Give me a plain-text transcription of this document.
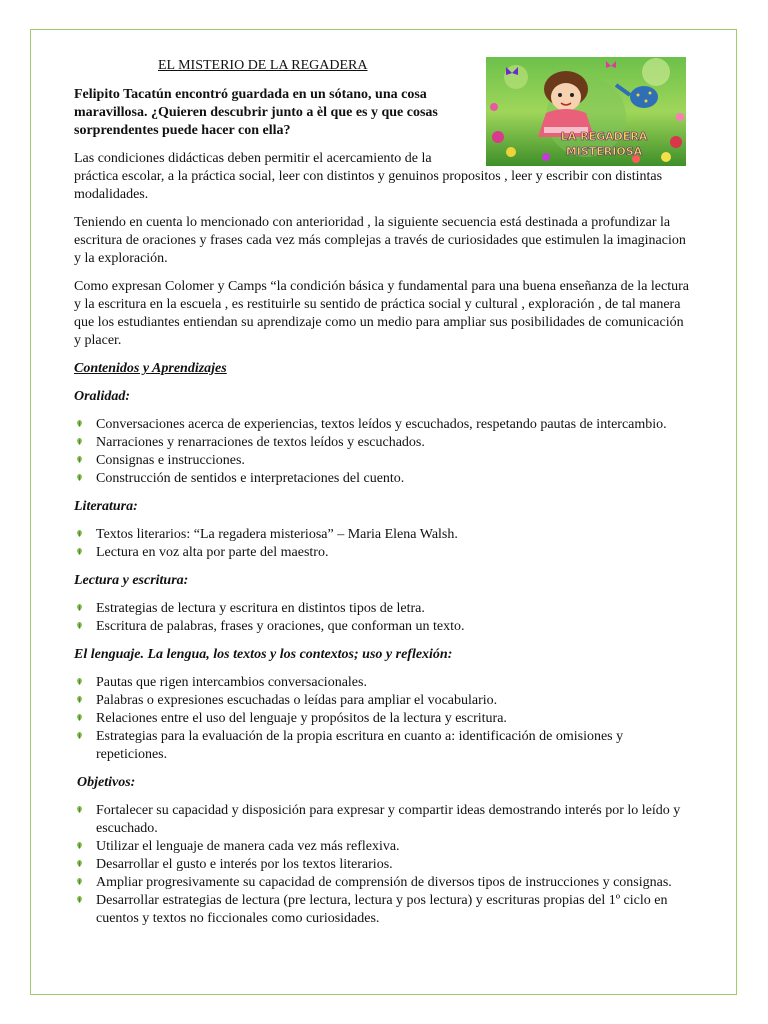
EL MISTERIO DE LA REGADERA

Felipito Tacatún encontró guardada en un sótano, una cosa maravillosa. ¿Quieren descubrir junto a èl que es y que cosas sorprendentes puede hacer con ella?	LA REGADERA
MISTERIOSA

Las condiciones didácticas deben permitir el acercamiento de la
práctica escolar, a la práctica social, leer con distintos y genuinos propositos , leer y escribir con distintas modalidades.

Teniendo en cuenta lo mencionado con anterioridad , la siguiente secuencia está destinada a profundizar la escritura de oraciones y frases cada vez más complejas a través de curiosidades que estimulen la imaginacion y la exploración.

Como expresan Colomer y Camps “la condición básica y fundamental para una buena enseñanza de la lectura y la escritura en la escuela , es restituirle su sentido de práctica social y cultural , exploración , de tal manera que los estudiantes entiendan su aprendizaje como un medio para ampliar sus posibilidades de comunicación y placer.

Contenidos y Aprendizajes

Oralidad:

Conversaciones acerca de experiencias, textos leídos y escuchados, respetando pautas de intercambio.
Narraciones y renarraciones de textos leídos y escuchados.
Consignas e instrucciones.
Construcción de sentidos e interpretaciones del cuento.

Literatura:

Textos literarios: “La regadera misteriosa” – Maria Elena Walsh.
Lectura en voz alta por parte del maestro.

Lectura y escritura:

Estrategias de lectura y escritura en distintos tipos de letra.
Escritura de palabras, frases y oraciones, que conforman un texto.

El lenguaje. La lengua, los textos y los contextos; uso y reflexión:

Pautas que rigen intercambios conversacionales.
Palabras o expresiones escuchadas o leídas para ampliar el vocabulario.
Relaciones entre el uso del lenguaje y propósitos de la lectura y escritura.
Estrategias para la evaluación de la propia escritura en cuanto a: identificación de omisiones y repeticiones.

Objetivos:

Fortalecer su capacidad y disposición para expresar y compartir ideas demostrando interés por lo leído y escuchado.
Utilizar el lenguaje de manera cada vez más reflexiva.
Desarrollar el gusto e interés por los textos literarios.
Ampliar progresivamente su capacidad de comprensión de diversos tipos de instrucciones y consignas.
Desarrollar estrategias de lectura (pre lectura, lectura y pos lectura) y escrituras propias del 1º ciclo en cuentos y textos no ficcionales como curiosidades.
